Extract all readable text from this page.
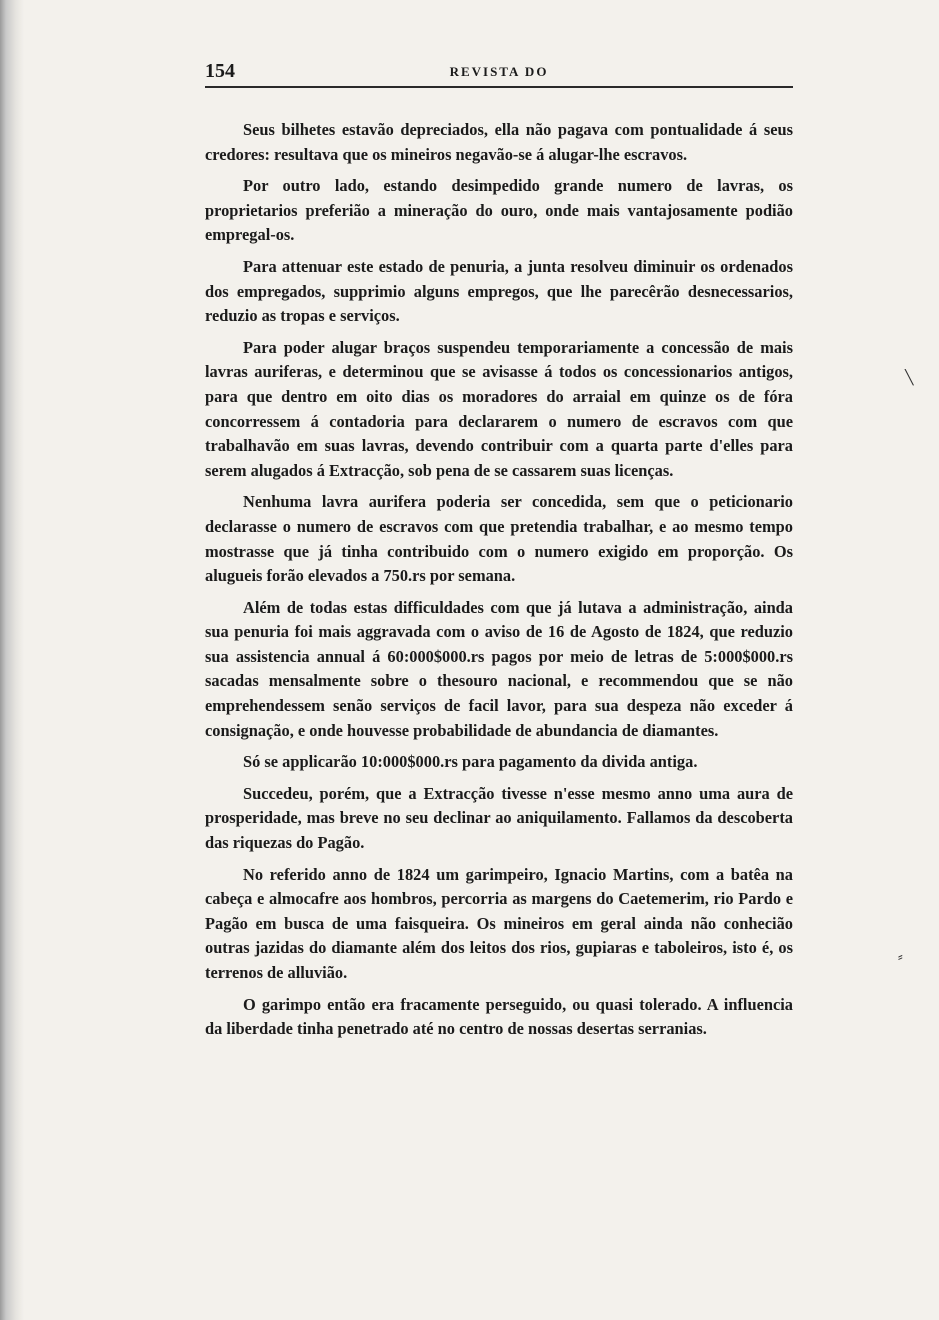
154	REVISTA DO

Seus bilhetes estavão depreciados, ella não pagava com pontualidade á seus credores: resultava que os mineiros negavão-se á alugar-lhe escravos.

Por outro lado, estando desimpedido grande numero de lavras, os proprietarios preferião a mineração do ouro, onde mais vantajosamente podião empregal-os.

Para attenuar este estado de penuria, a junta resolveu diminuir os ordenados dos empregados, supprimio alguns empregos, que lhe parecêrão desnecessarios, reduzio as tropas e serviços.

Para poder alugar braços suspendeu temporariamente a concessão de mais lavras auriferas, e determinou que se avisasse á todos os concessionarios antigos, para que dentro em oito dias os moradores do arraial em quinze os de fóra concorressem á contadoria para declararem o numero de escravos com que trabalhavão em suas lavras, devendo contribuir com a quarta parte d'elles para serem alugados á Extracção, sob pena de se cassarem suas licenças.

Nenhuma lavra aurifera poderia ser concedida, sem que o peticionario declarasse o numero de escravos com que pretendia trabalhar, e ao mesmo tempo mostrasse que já tinha contribuido com o numero exigido em proporção. Os alugueis forão elevados a 750.rs por semana.

Além de todas estas difficuldades com que já lutava a administração, ainda sua penuria foi mais aggravada com o aviso de 16 de Agosto de 1824, que reduzio sua assistencia annual á 60:000$000.rs pagos por meio de letras de 5:000$000.rs sacadas mensalmente sobre o thesouro nacional, e recommendou que se não emprehendessem senão serviços de facil lavor, para sua despeza não exceder á consignação, e onde houvesse probabilidade de abundancia de diamantes.

Só se applicarão 10:000$000.rs para pagamento da divida antiga.

Succedeu, porém, que a Extracção tivesse n'esse mesmo anno uma aura de prosperidade, mas breve no seu declinar ao aniquilamento. Fallamos da descoberta das riquezas do Pagão.

No referido anno de 1824 um garimpeiro, Ignacio Martins, com a batêa na cabeça e almocafre aos hombros, percorria as margens do Caetemerim, rio Pardo e Pagão em busca de uma faisqueira. Os mineiros em geral ainda não conhecião outras jazidas do diamante além dos leitos dos rios, gupiaras e taboleiros, isto é, os terrenos de alluvião.

O garimpo então era fracamente perseguido, ou quasi tolerado. A influencia da liberdade tinha penetrado até no centro de nossas desertas serranias.

╲
⸗
